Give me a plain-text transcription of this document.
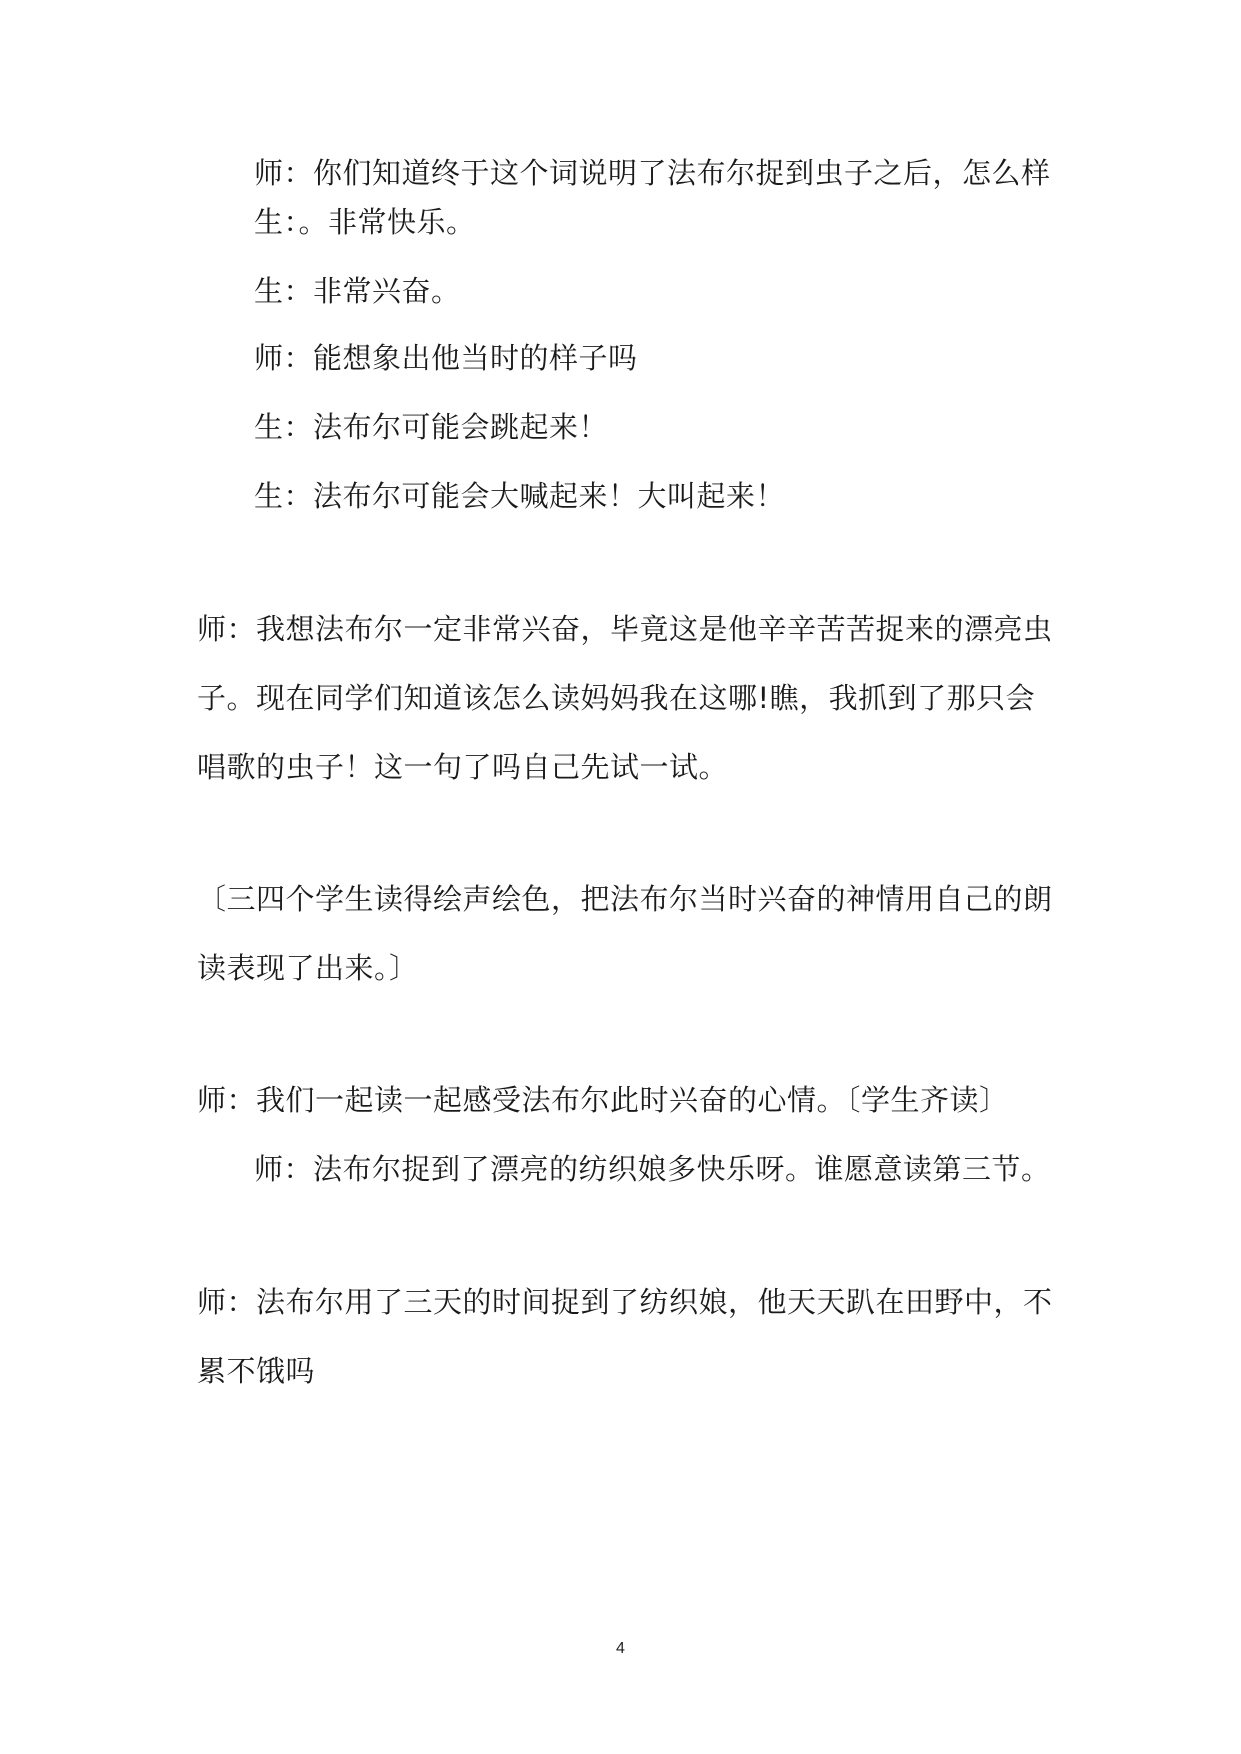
师：你们知道终于这个词说明了法布尔捉到虫子之后，怎么样
生：。非常快乐。
生：非常兴奋。
师：能想象出他当时的样子吗
生：法布尔可能会跳起来！
生：法布尔可能会大喊起来！大叫起来！
师：我想法布尔一定非常兴奋，毕竟这是他辛辛苦苦捉来的漂亮虫
子。现在同学们知道该怎么读妈妈我在这哪!瞧，我抓到了那只会
唱歌的虫子！这一句了吗自己先试一试。
〔三四个学生读得绘声绘色，把法布尔当时兴奋的神情用自己的朗
读表现了出来。〕
师：我们一起读一起感受法布尔此时兴奋的心情。〔学生齐读〕
师：法布尔捉到了漂亮的纺织娘多快乐呀。谁愿意读第三节。
师：法布尔用了三天的时间捉到了纺织娘，他天天趴在田野中，不
累不饿吗
4
